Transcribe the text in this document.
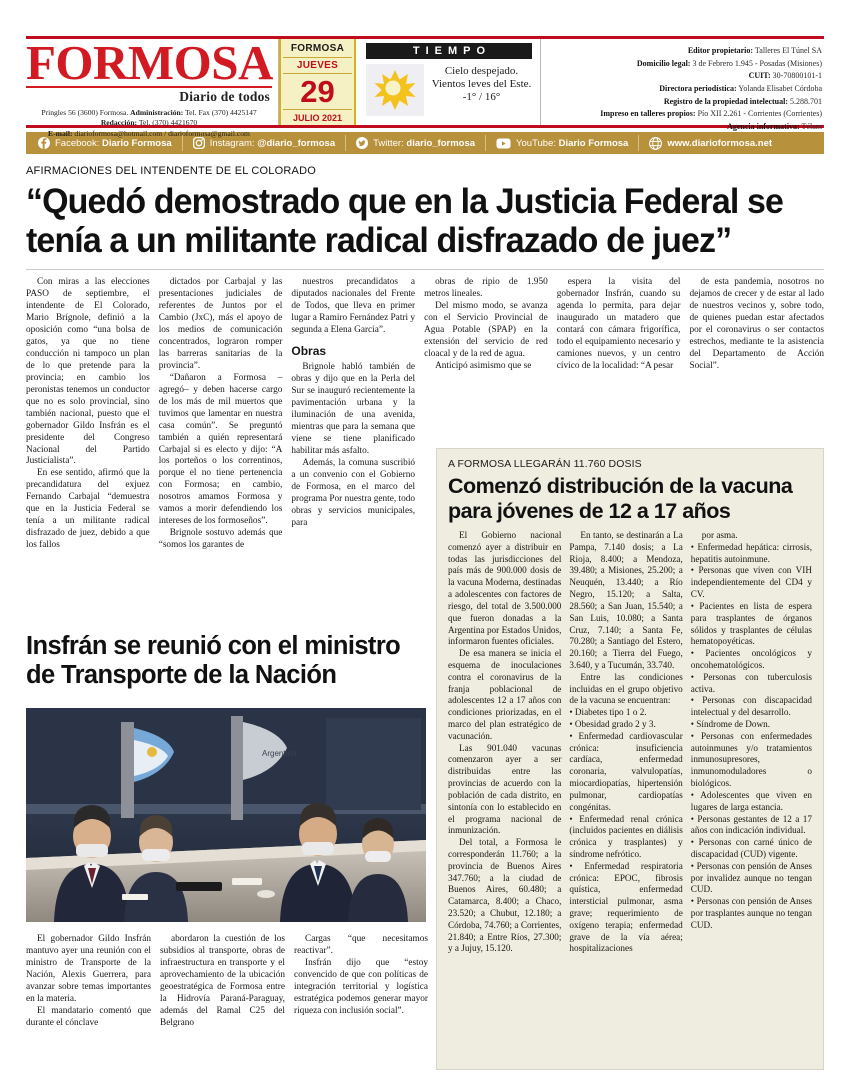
FORMOSA
Diario de todos
Pringles 56 (3600) Formosa. Administración: Tel. Fax (370) 4425147
Redacción: Tel. (370) 4421670
E-mail: diarioformosa@hotmail.com / diarioformosa@gmail.com
FORMOSA
JUEVES
29
JULIO 2021
TIEMPO
Cielo despejado. Vientos leves del Este.
-1° / 16°
Editor propietario: Talleres El Túnel SA
Domicilio legal: 3 de Febrero 1.945 - Posadas (Misiones)
CUIT: 30-70800101-1
Directora periodística: Yolanda Elisabet Córdoba
Registro de la propiedad intelectual: 5.288.701
Impreso en talleres propios: Pío XII 2.261 - Corrientes (Corrientes)
Agencia informativa: Télam
Facebook: Diario Formosa	Instagram: @diario_formosa	Twitter: diario_formosa	YouTube: Diario Formosa	www.diarioformosa.net
AFIRMACIONES DEL INTENDENTE DE EL COLORADO
“Quedó demostrado que en la Justicia Federal se tenía a un militante radical disfrazado de juez”

Con miras a las elecciones PASO de septiembre, el intendente de El Colorado, Mario Brígnole, definió a la oposición como “una bolsa de gatos, ya que no tiene conducción ni tampoco un plan de lo que pretende para la provincia; en cambio los peronistas tenemos un conductor que no es solo provincial, sino también nacional, puesto que el gobernador Gildo Insfrán es el presidente del Congreso Nacional del Partido Justicialista”.

En ese sentido, afirmó que la precandidatura del exjuez Fernando Carbajal “demuestra que en la Justicia Federal se tenía a un militante radical disfrazado de juez, debido a que los fallos

dictados por Carbajal y las presentaciones judiciales de referentes de Juntos por el Cambio (JxC), más el apoyo de los medios de comunicación concentrados, lograron romper las barreras sanitarias de la provincia”.

“Dañaron a Formosa –agregó– y deben hacerse cargo de los más de mil muertos que tuvimos que lamentar en nuestra casa común”. Se preguntó también a quién representará Carbajal si es electo y dijo: “A los porteños o los correntinos, porque el no tiene pertenencia con Formosa; en cambio, nosotros amamos Formosa y vamos a morir defendiendo los intereses de los formoseños”.

Brignole sostuvo además que “somos los garantes de

nuestros precandidatos a diputados nacionales del Frente de Todos, que lleva en primer lugar a Ramiro Fernández Patri y segunda a Elena García”.

Obras

Brignole habló también de obras y dijo que en la Perla del Sur se inauguró recientemente la pavimentación urbana y la iluminación de una avenida, mientras que para la semana que viene se tiene planificado habilitar más asfalto.

Además, la comuna suscribió a un convenio con el Gobierno de Formosa, en el marco del programa Por nuestra gente, todo obras y servicios municipales, para

obras de ripio de 1.950 metros lineales.

Del mismo modo, se avanza con el Servicio Provincial de Agua Potable (SPAP) en la extensión del servicio de red cloacal y de la red de agua.

Anticipó asimismo que se

espera la visita del gobernador Insfrán, cuando su agenda lo permita, para dejar inaugurado un matadero que contará con cámara frigorífica, todo el equipamiento necesario y camiones nuevos, y un centro cívico de la localidad: “A pesar

de esta pandemia, nosotros no dejamos de crecer y de estar al lado de nuestros vecinos y, sobre todo, de quienes puedan estar afectados por el coronavirus o ser contactos estrechos, mediante te la asistencia del Departamento de Acción Social”.

Insfrán se reunió con el ministro de Transporte de la Nación
Argentina

El gobernador Gildo Insfrán mantuvo ayer una reunión con el ministro de Transporte de la Nación, Alexis Guerrera, para avanzar sobre temas importantes en la materia.

El mandatario comentó que durante el cónclave

abordaron la cuestión de los subsidios al transporte, obras de infraestructura en transporte y el aprovechamiento de la ubicación geoestratégica de Formosa entre la Hidrovía Paraná-Paraguay, además del Ramal C25 del Belgrano

Cargas “que necesitamos reactivar”.

Insfrán dijo que “estoy convencido de que con políticas de integración territorial y logística estratégica podemos generar mayor riqueza con inclusión social”.

A FORMOSA LLEGARÁN 11.760 DOSIS
Comenzó distribución de la vacuna para jóvenes de 12 a 17 años

El Gobierno nacional comenzó ayer a distribuir en todas las jurisdicciones del país más de 900.000 dosis de la vacuna Moderna, destinadas a adolescentes con factores de riesgo, del total de 3.500.000 que fueron donadas a la Argentina por Estados Unidos, informaron fuentes oficiales.

De esa manera se inicia el esquema de inoculaciones contra el coronavirus de la franja poblacional de adolescentes 12 a 17 años con condiciones priorizadas, en el marco del plan estratégico de vacunación.

Las 901.040 vacunas comenzaron ayer a ser distribuidas entre las provincias de acuerdo con la población de cada distrito, en sintonía con lo establecido en el programa nacional de inmunización.

Del total, a Formosa le corresponderán 11.760; a la provincia de Buenos Aires 347.760; a la ciudad de Buenos Aires, 60.480; a Catamarca, 8.400; a Chaco, 23.520; a Chubut, 12.180; a Córdoba, 74.760; a Corrientes, 21.840; a Entre Ríos, 27.300; y a Jujuy, 15.120.

En tanto, se destinarán a La Pampa, 7.140 dosis; a La Rioja, 8.400; a Mendoza, 39.480; a Misiones, 25.200; a Neuquén, 13.440; a Río Negro, 15.120; a Salta, 28.560; a San Juan, 15.540; a San Luis, 10.080; a Santa Cruz, 7.140; a Santa Fe, 70.280; a Santiago del Estero, 20.160; a Tierra del Fuego, 3.640, y a Tucumán, 33.740.

Entre las condiciones incluidas en el grupo objetivo de la vacuna se encuentran:

• Diabetes tipo 1 o 2.

• Obesidad grado 2 y 3.

• Enfermedad cardiovascular crónica: insuficiencia cardíaca, enfermedad coronaria, valvulopatías, miocardiopatías, hipertensión pulmonar, cardiopatías congénitas.

• Enfermedad renal crónica (incluidos pacientes en diálisis crónica y trasplantes) y síndrome nefrótico.

• Enfermedad respiratoria crónica: EPOC, fibrosis quística, enfermedad intersticial pulmonar, asma grave; requerimiento de oxígeno terapia; enfermedad grave de la vía aérea; hospitalizaciones

por asma.

• Enfermedad hepática: cirrosis, hepatitis autoinmune.

• Personas que viven con VIH independientemente del CD4 y CV.

• Pacientes en lista de espera para trasplantes de órganos sólidos y trasplantes de células hematopoyéticas.

• Pacientes oncológicos y oncohematológicos.

• Personas con tuberculosis activa.

• Personas con discapacidad intelectual y del desarrollo.

• Síndrome de Down.

• Personas con enfermedades autoinmunes y/o tratamientos inmunosupresores, inmunomoduladores o biológicos.

• Adolescentes que viven en lugares de larga estancia.

• Personas gestantes de 12 a 17 años con indicación individual.

• Personas con carné único de discapacidad (CUD) vigente.

• Personas con pensión de Anses por invalidez aunque no tengan CUD.

• Personas con pensión de Anses por trasplantes aunque no tengan CUD.
